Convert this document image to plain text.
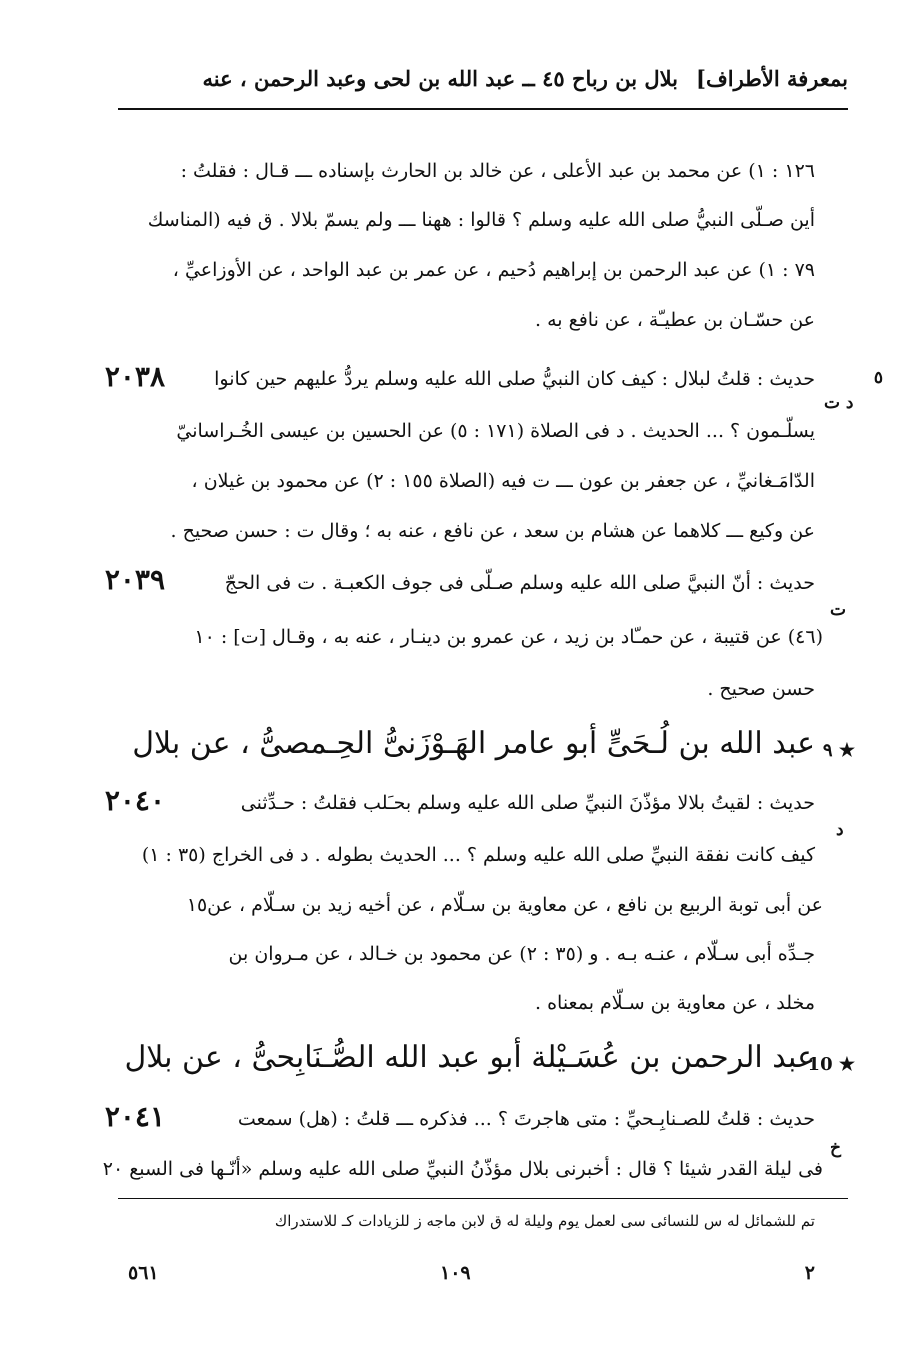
بمعرفة الأطراف]
بلال بن رباح ٤٥ ــ عبد الله بن لحى وعبد الرحمن ، عنه
١٢٦ : ١) عن محمد بن عبد الأعلى ، عن خالد بن الحارث بإسناده ـــ قـال : فقلتُ :
أين صـلّى النبيُّ صلى الله عليه وسلم ؟ قالوا : ههنا ـــ ولم يسمّ بلالا . ق فيه (المناسك
٧٩ : ١) عن عبد الرحمن بن إبراهيم دُحيم ، عن عمر بن عبد الواحد ، عن الأوزاعيِّ ،
عن حسّـان بن عطيـّة ، عن نافع به .
٢٠٣٨	حديث : قلتُ لبلال : كيف كان النبيُّ صلى الله عليه وسلم يردُّ عليهم حين كانوا	٥
د ت
يسلّـمون ؟ ... الحديث . د فى الصلاة (١٧١ : ٥) عن الحسين بن عيسى الخُـراسانيّ
الدّامَـغانيِّ ، عن جعفر بن عون ـــ ت فيه (الصلاة ١٥٥ : ٢) عن محمود بن غيلان ،
عن وكيع ـــ كلاهما عن هشام بن سعد ، عن نافع ، عنه به ؛ وقال ت : حسن صحيح .
٢٠٣٩	حديث : أنّ النبيَّ صلى الله عليه وسلم صـلّى فى جوف الكعبـة . ت فى الحجّ
ت
(٤٦) عن قتيبة ، عن حمـّاد بن زيد ، عن عمرو بن دينـار ، عنه به ، وقـال [ت] : ١٠
حسن صحيح .
٩ ★
عبد الله بن لُـحَىٍّ أبو عامر الهَـوْزَنىُّ الحِـمصىُّ ، عن بلال
٢٠٤٠	حديث : لقيتُ بلالا مؤذّنَ النبيِّ صلى الله عليه وسلم بحـَلب فقلتُ : حـدِّثنى
د
كيف كانت نفقة النبيِّ صلى الله عليه وسلم ؟ ... الحديث بطوله . د فى الخراج (٣٥ : ١)
عن أبى توبة الربيع بن نافع ، عن معاوية بن سـلّام ، عن أخيه زيد بن سـلّام ، عن١٥
جـدِّه أبى سـلّام ، عنـه بـه . و (٣٥ : ٢) عن محمود بن خـالد ، عن مـروان بن
مخلد ، عن معاوية بن سـلّام بمعناه .
10 ★
عبد الرحمن بن عُسَـيْلة أبو عبد الله الصُّـنَابِحىُّ ، عن بلال
٢٠٤١	حديث : قلتُ للصـنابِـحيِّ : متى هاجرتَ ؟ ... فذكره ـــ قلتُ : (هل) سمعت
خ
فى ليلة القدر شيئا ؟ قال : أخبرنى بلال مؤذّنُ النبيِّ صلى الله عليه وسلم «أنّـها فى السبع ٢٠
تم للشمائل له س للنسائى سى لعمل يوم وليلة له ق لابن ماجه ز للزيادات كـ للاستدراك
٥٦١	١٠٩	٢
